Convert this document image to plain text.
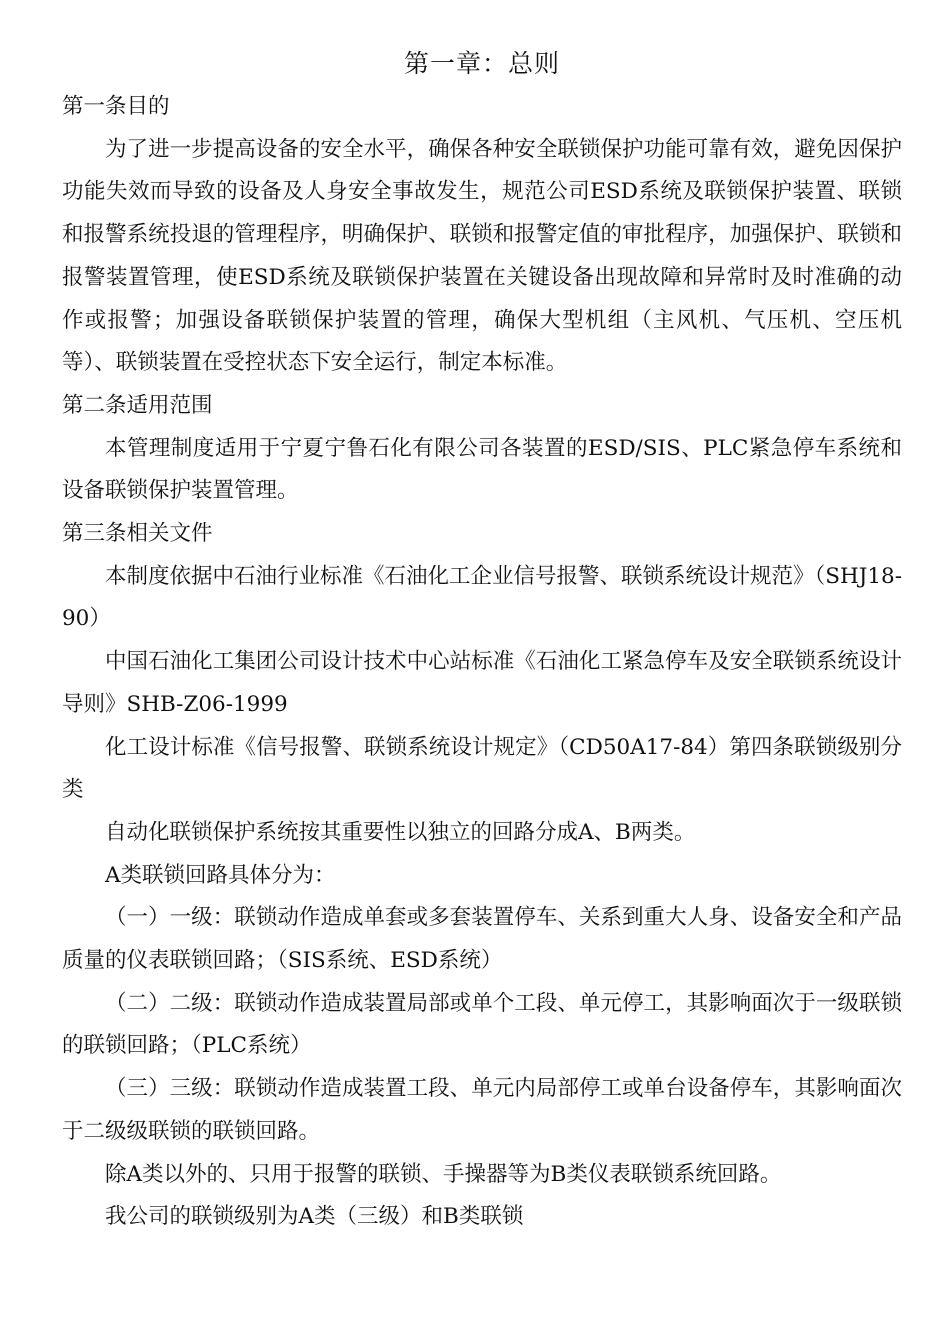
第一章：总则

第一条目的

为了进一步提高设备的安全水平，确保各种安全联锁保护功能可靠有效，避免因保护功能失效而导致的设备及人身安全事故发生，规范公司ESD系统及联锁保护装置、联锁和报警系统投退的管理程序，明确保护、联锁和报警定值的审批程序，加强保护、联锁和报警装置管理，使ESD系统及联锁保护装置在关键设备出现故障和异常时及时准确的动作或报警；加强设备联锁保护装置的管理，确保大型机组（主风机、气压机、空压机等）、联锁装置在受控状态下安全运行，制定本标准。

第二条适用范围

本管理制度适用于宁夏宁鲁石化有限公司各装置的ESD/SIS、PLC紧急停车系统和设备联锁保护装置管理。

第三条相关文件

本制度依据中石油行业标准《石油化工企业信号报警、联锁系统设计规范》（SHJ18-90）

中国石油化工集团公司设计技术中心站标准《石油化工紧急停车及安全联锁系统设计导则》SHB-Z06-1999

化工设计标准《信号报警、联锁系统设计规定》（CD50A17-84）第四条联锁级别分类

自动化联锁保护系统按其重要性以独立的回路分成A、B两类。

A类联锁回路具体分为：

（一）一级：联锁动作造成单套或多套装置停车、关系到重大人身、设备安全和产品质量的仪表联锁回路；（SIS系统、ESD系统）

（二）二级：联锁动作造成装置局部或单个工段、单元停工，其影响面次于一级联锁的联锁回路；（PLC系统）

（三）三级：联锁动作造成装置工段、单元内局部停工或单台设备停车，其影响面次于二级级联锁的联锁回路。

除A类以外的、只用于报警的联锁、手操器等为B类仪表联锁系统回路。

我公司的联锁级别为A类（三级）和B类联锁
